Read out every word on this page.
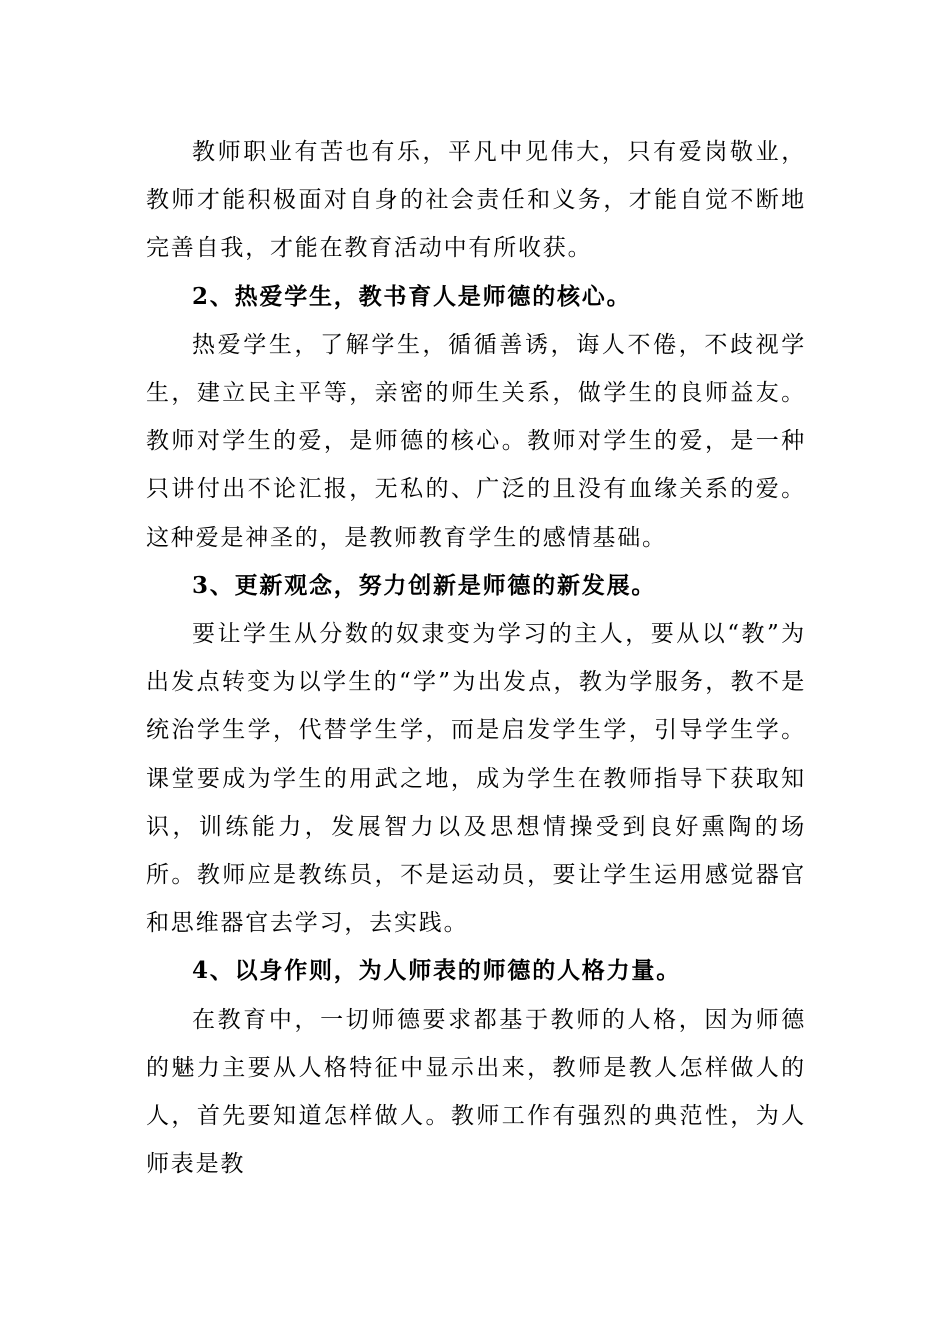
教师职业有苦也有乐，平凡中见伟大，只有爱岗敬业，教师才能积极面对自身的社会责任和义务，才能自觉不断地完善自我，才能在教育活动中有所收获。

2、热爱学生，教书育人是师德的核心。

热爱学生，了解学生，循循善诱，诲人不倦，不歧视学生，建立民主平等，亲密的师生关系，做学生的良师益友。教师对学生的爱，是师德的核心。教师对学生的爱，是一种只讲付出不论汇报，无私的、广泛的且没有血缘关系的爱。这种爱是神圣的，是教师教育学生的感情基础。

3、更新观念，努力创新是师德的新发展。

要让学生从分数的奴隶变为学习的主人，要从以“教”为出发点转变为以学生的“学”为出发点，教为学服务，教不是统治学生学，代替学生学，而是启发学生学，引导学生学。课堂要成为学生的用武之地，成为学生在教师指导下获取知识，训练能力，发展智力以及思想情操受到良好熏陶的场所。教师应是教练员，不是运动员，要让学生运用感觉器官和思维器官去学习，去实践。

4、以身作则，为人师表的师德的人格力量。

在教育中，一切师德要求都基于教师的人格，因为师德的魅力主要从人格特征中显示出来，教师是教人怎样做人的人，首先要知道怎样做人。教师工作有强烈的典范性，为人师表是教
